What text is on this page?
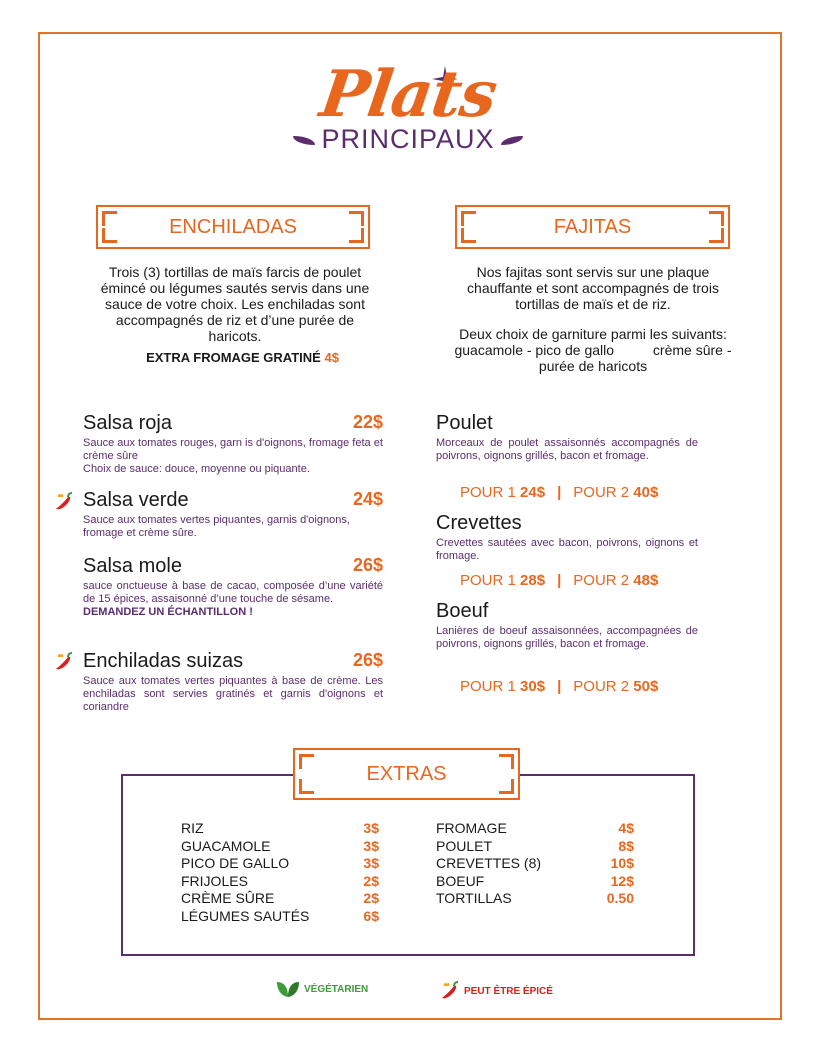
Plats
PRINCIPAUX
ENCHILADAS
Trois (3) tortillas de maïs farcis de poulet émincé ou légumes sautés servis dans une sauce de votre choix. Les enchiladas sont accompagnés de riz et d’une purée de haricots.
EXTRA FROMAGE GRATINÉ 4$
Salsa roja	22$
Sauce aux tomates rouges, garn is d'oignons, fromage feta et crème sûre
Choix de sauce: douce, moyenne ou piquante.
Salsa verde	24$
Sauce aux tomates vertes piquantes, garnis d'oignons, fromage et crème sûre.
Salsa mole	26$
sauce onctueuse à base de cacao, composée d’une variété de 15 épices, assaisonné d’une touche de sésame.
DEMANDEZ UN ÉCHANTILLON !
Enchiladas suizas	26$
Sauce aux tomates vertes piquantes à base de crème. Les enchiladas sont servies gratinés et garnis d'oignons et coriandre
FAJITAS
Nos fajitas sont servis sur une plaque chauffante et sont accompagnés de trois tortillas de maïs et de riz.
Deux choix de garniture parmi les suivants:
guacamole - pico de gallo          crème sûre - purée de haricots
Poulet
Morceaux de poulet assaisonnés accompagnés de poivrons, oignons grillés, bacon et fromage.
POUR 1 24$ | POUR 2 40$
Crevettes
Crevettes sautées avec bacon, poivrons, oignons et fromage.
POUR 1 28$ | POUR 2 48$
Boeuf
Lanières de boeuf assaisonnées, accompagnées de poivrons, oignons grillés, bacon et fromage.
POUR 1 30$ | POUR 2 50$
EXTRAS
RIZ	3$
GUACAMOLE	3$
PICO DE GALLO	3$
FRIJOLES	2$
CRÈME SÛRE	2$
LÉGUMES SAUTÉS	6$
FROMAGE	4$
POULET	8$
CREVETTES (8)	10$
BOEUF	12$
TORTILLAS	0.50
VÉGÉTARIEN	PEUT ÊTRE ÉPICÉ
